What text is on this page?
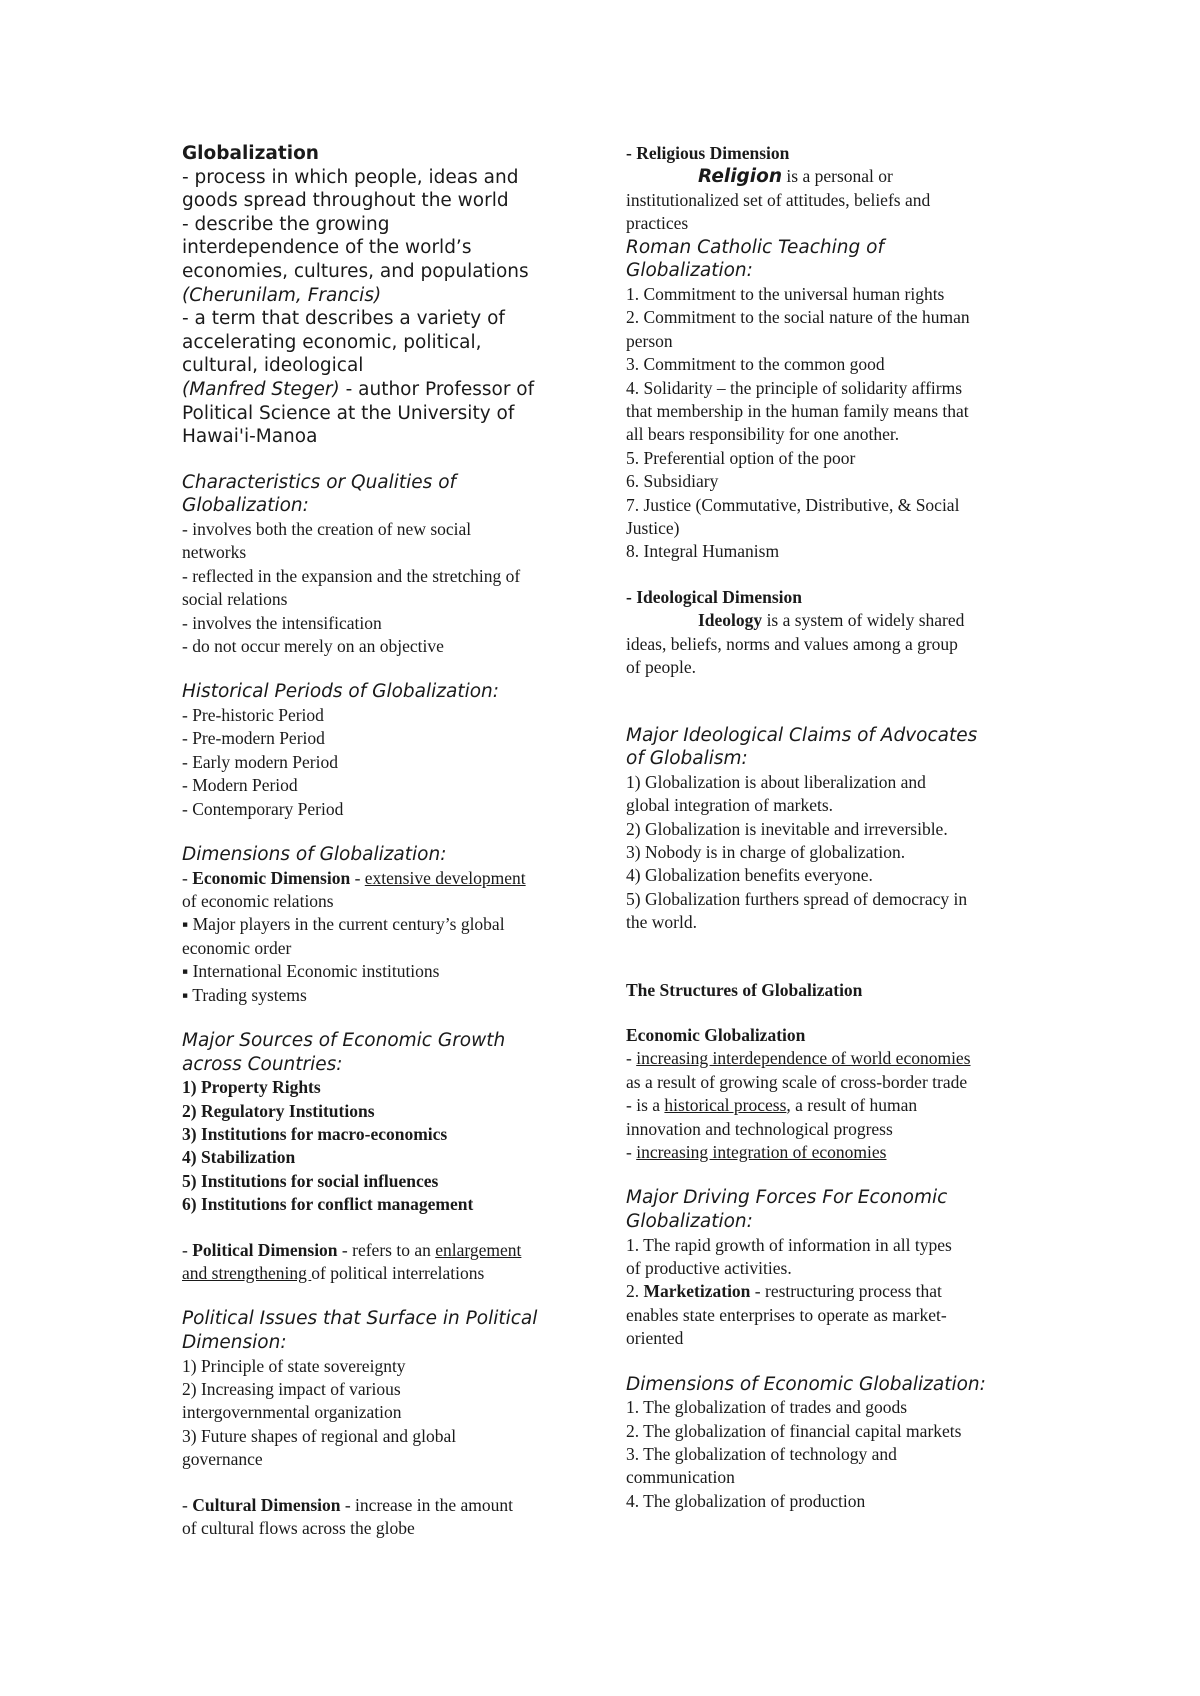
Globalization
- process in which people, ideas and
goods spread throughout the world
- describe the growing
interdependence of the world’s
economies, cultures, and populations
(Cherunilam, Francis)
- a term that describes a variety of
accelerating economic, political,
cultural, ideological
(Manfred Steger) - author Professor of
Political Science at the University of
Hawai'i-Manoa
Characteristics or Qualities of
Globalization:
- involves both the creation of new social
networks
- reflected in the expansion and the stretching of
social relations
- involves the intensification
- do not occur merely on an objective
Historical Periods of Globalization:
- Pre-historic Period
- Pre-modern Period
- Early modern Period
- Modern Period
- Contemporary Period
Dimensions of Globalization:
- Economic Dimension - extensive development
of economic relations
▪ Major players in the current century’s global
economic order
▪ International Economic institutions
▪ Trading systems
Major Sources of Economic Growth
across Countries:
1) Property Rights
2) Regulatory Institutions
3) Institutions for macro-economics
4) Stabilization
5) Institutions for social influences
6) Institutions for conflict management
- Political Dimension - refers to an enlargement
and strengthening of political interrelations
Political Issues that Surface in Political
Dimension:
1) Principle of state sovereignty
2) Increasing impact of various
intergovernmental organization
3) Future shapes of regional and global
governance
- Cultural Dimension - increase in the amount
of cultural flows across the globe
- Religious Dimension
Religion is a personal or
institutionalized set of attitudes, beliefs and
practices
Roman Catholic Teaching of
Globalization:
1. Commitment to the universal human rights
2. Commitment to the social nature of the human
person
3. Commitment to the common good
4. Solidarity – the principle of solidarity affirms
that membership in the human family means that
all bears responsibility for one another.
5. Preferential option of the poor
6. Subsidiary
7. Justice (Commutative, Distributive, & Social
Justice)
8. Integral Humanism
- Ideological Dimension
Ideology is a system of widely shared
ideas, beliefs, norms and values among a group
of people.
Major Ideological Claims of Advocates
of Globalism:
1) Globalization is about liberalization and
global integration of markets.
2) Globalization is inevitable and irreversible.
3) Nobody is in charge of globalization.
4) Globalization benefits everyone.
5) Globalization furthers spread of democracy in
the world.
The Structures of Globalization
Economic Globalization
- increasing interdependence of world economies
as a result of growing scale of cross-border trade
- is a historical process, a result of human
innovation and technological progress
- increasing integration of economies
Major Driving Forces For Economic
Globalization:
1. The rapid growth of information in all types
of productive activities.
2. Marketization - restructuring process that
enables state enterprises to operate as market-
oriented
Dimensions of Economic Globalization:
1. The globalization of trades and goods
2. The globalization of financial capital markets
3. The globalization of technology and
communication
4. The globalization of production
